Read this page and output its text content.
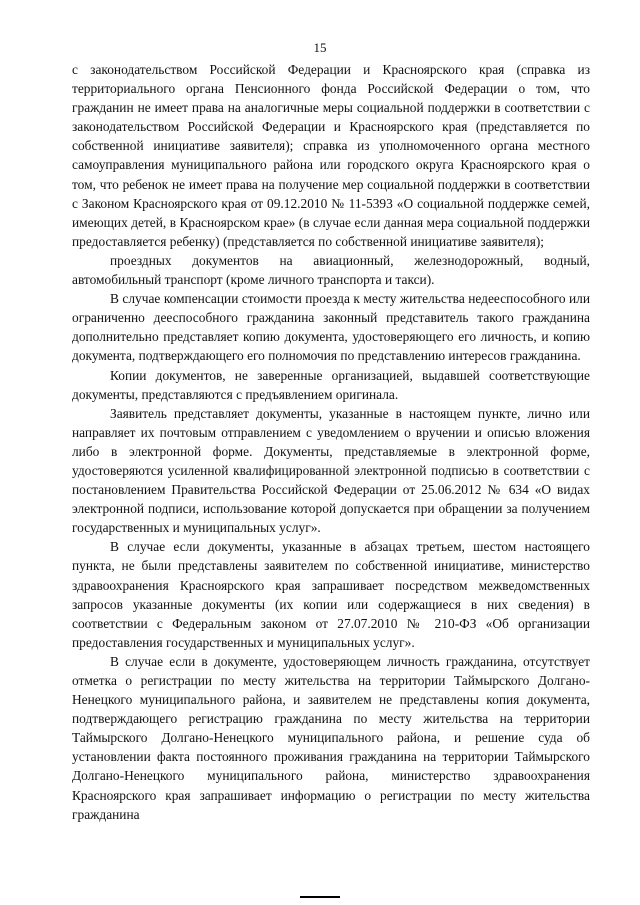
15

с законодательством Российской Федерации и Красноярского края (справка из территориального органа Пенсионного фонда Российской Федерации о том, что гражданин не имеет права на аналогичные меры социальной поддержки в соответствии с законодательством Российской Федерации и Красноярского края (представляется по собственной инициативе заявителя); справка из уполномоченного органа местного самоуправления муниципального района или городского округа Красноярского края о том, что ребенок не имеет права на получение мер социальной поддержки в соответствии с Законом Красноярского края от 09.12.2010 № 11-5393 «О социальной поддержке семей, имеющих детей, в Красноярском крае» (в случае если данная мера социальной поддержки предоставляется ребенку) (представляется по собственной инициативе заявителя);

проездных документов на авиационный, железнодорожный, водный, автомобильный транспорт (кроме личного транспорта и такси).

В случае компенсации стоимости проезда к месту жительства недееспособного или ограниченно дееспособного гражданина законный представитель такого гражданина дополнительно представляет копию документа, удостоверяющего его личность, и копию документа, подтверждающего его полномочия по представлению интересов гражданина.

Копии документов, не заверенные организацией, выдавшей соответствующие документы, представляются с предъявлением оригинала.

Заявитель представляет документы, указанные в настоящем пункте, лично или направляет их почтовым отправлением с уведомлением о вручении и описью вложения либо в электронной форме. Документы, представляемые в электронной форме, удостоверяются усиленной квалифицированной электронной подписью в соответствии с постановлением Правительства Российской Федерации от 25.06.2012 № 634 «О видах электронной подписи, использование которой допускается при обращении за получением государственных и муниципальных услуг».

В случае если документы, указанные в абзацах третьем, шестом настоящего пункта, не были представлены заявителем по собственной инициативе, министерство здравоохранения Красноярского края запрашивает посредством межведомственных запросов указанные документы (их копии или содержащиеся в них сведения) в соответствии с Федеральным законом от 27.07.2010 № 210-ФЗ «Об организации предоставления государственных и муниципальных услуг».

В случае если в документе, удостоверяющем личность гражданина, отсутствует отметка о регистрации по месту жительства на территории Таймырского Долгано-Ненецкого муниципального района, и заявителем не представлены копия документа, подтверждающего регистрацию гражданина по месту жительства на территории Таймырского Долгано-Ненецкого муниципального района, и решение суда об установлении факта постоянного проживания гражданина на территории Таймырского Долгано-Ненецкого муниципального района, министерство здравоохранения Красноярского края запрашивает информацию о регистрации по месту жительства гражданина
